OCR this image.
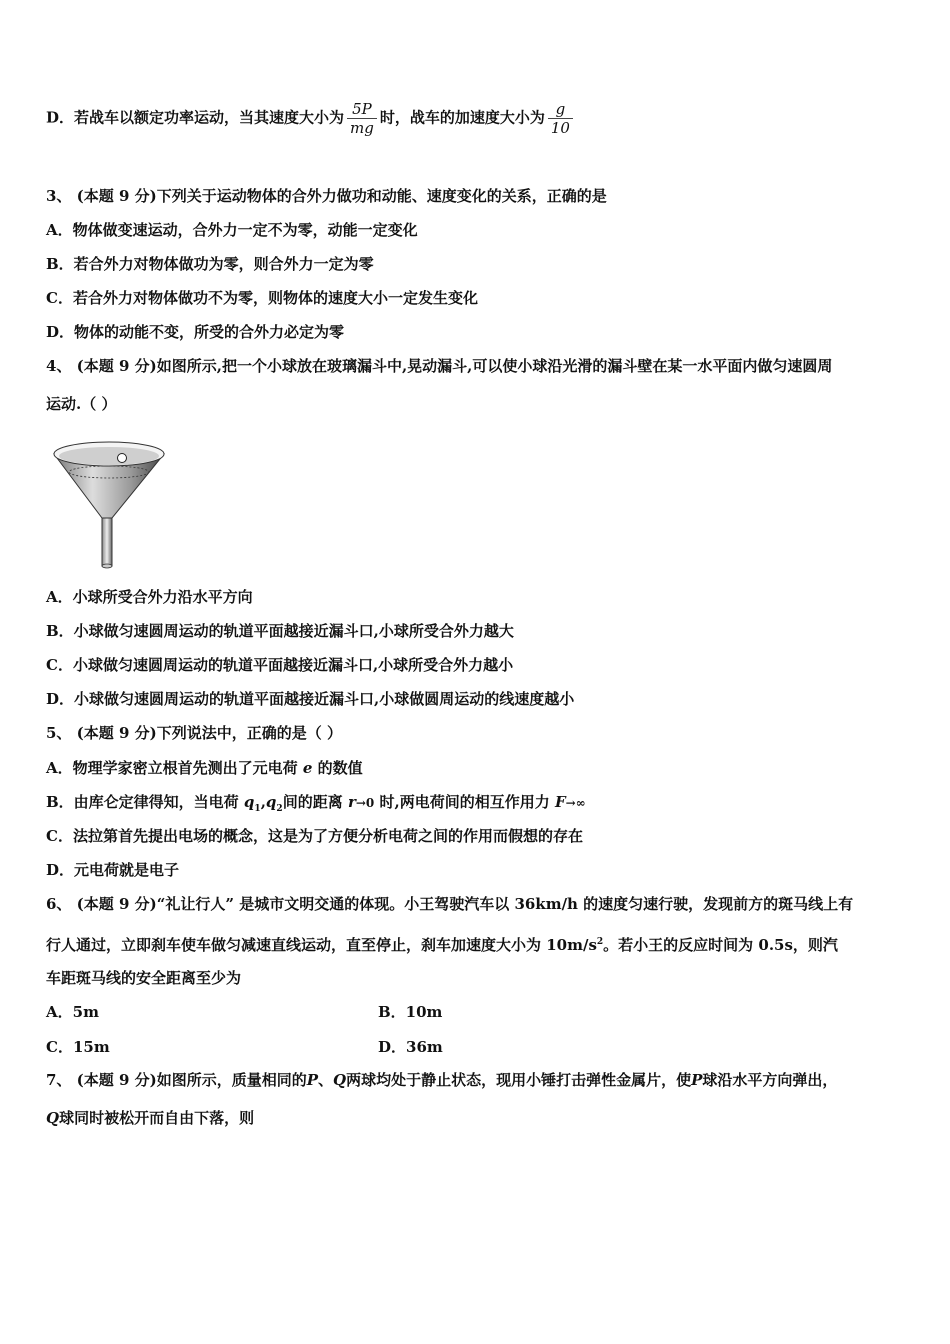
D．若战车以额定功率运动，当其速度大小为 $\frac{5P}{mg}$ 时，战车的加速度大小为 $\frac{g}{10}$
3、 (本题 9 分)下列关于运动物体的合外力做功和动能、速度变化的关系，正确的是
A．物体做变速运动，合外力一定不为零，动能一定变化
B．若合外力对物体做功为零，则合外力一定为零
C．若合外力对物体做功不为零，则物体的速度大小一定发生变化
D．物体的动能不变，所受的合外力必定为零
4、 (本题 9 分)如图所示,把一个小球放在玻璃漏斗中,晃动漏斗,可以使小球沿光滑的漏斗壁在某一水平面内做匀速圆周
运动.（ ）
A．小球所受合外力沿水平方向
B．小球做匀速圆周运动的轨道平面越接近漏斗口,小球所受合外力越大
C．小球做匀速圆周运动的轨道平面越接近漏斗口,小球所受合外力越小
D．小球做匀速圆周运动的轨道平面越接近漏斗口,小球做圆周运动的线速度越小
5、 (本题 9 分)下列说法中，正确的是（ ）
A．物理学家密立根首先测出了元电荷 e 的数值
B．由库仑定律得知，当电荷 $q_1,q_2$间的距离 r→0 时,两电荷间的相互作用力 F→∞
C．法拉第首先提出电场的概念，这是为了方便分析电荷之间的作用而假想的存在
D．元电荷就是电子
6、 (本题 9 分)“礼让行人” 是城市文明交通的体现。小王驾驶汽车以 36km/h 的速度匀速行驶，发现前方的斑马线上有
行人通过，立即刹车使车做匀减速直线运动，直至停止，刹车加速度大小为 $10m/s^2$。若小王的反应时间为 0.5s，则汽
车距斑马线的安全距离至少为
A．5m	B．10m
C．15m	D．36m
7、 (本题 9 分)如图所示，质量相同的P、Q两球均处于静止状态，现用小锤打击弹性金属片，使P球沿水平方向弹出，
Q球同时被松开而自由下落，则
